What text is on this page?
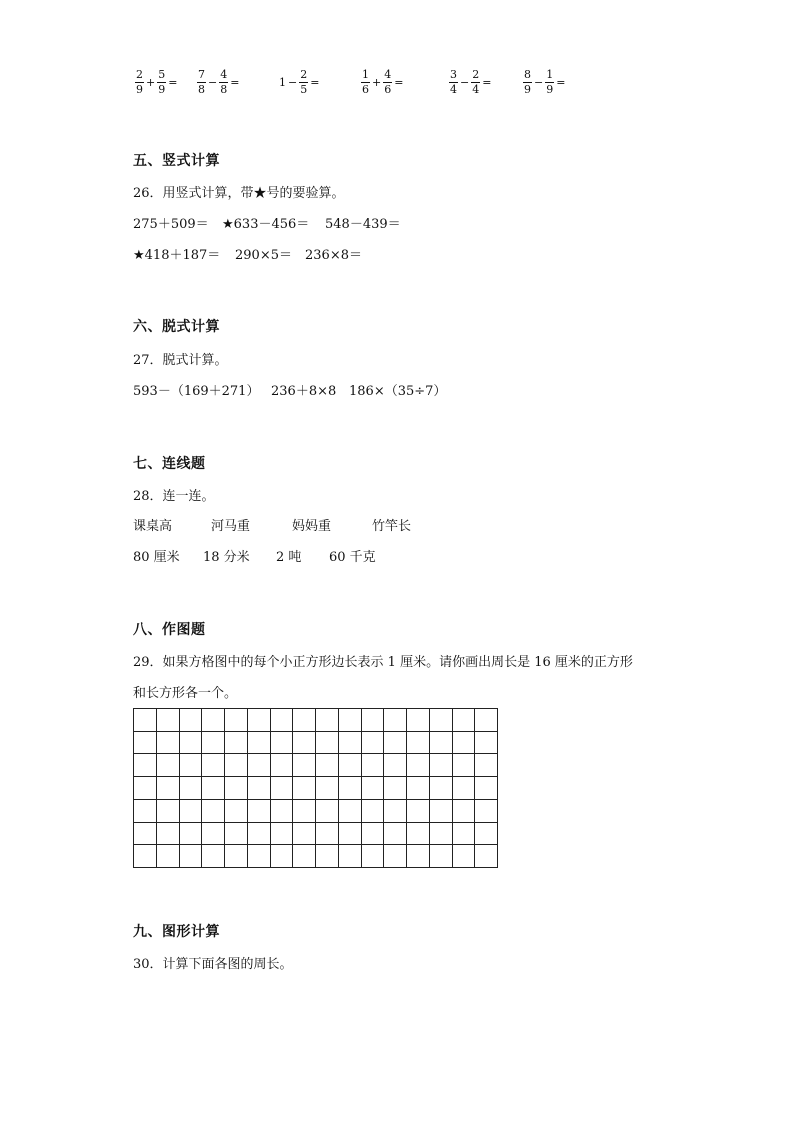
$\frac{2}{9} + \frac{5}{9} = \frac{7}{8} - \frac{4}{8}$ =	$1 - \frac{2}{5}$ =	$\frac{1}{6} + \frac{4}{6}$ =	$\frac{3}{4} - \frac{2}{4}$ =	$\frac{8}{9} - \frac{1}{9}$ =
五、竖式计算
26．用竖式计算，带★号的要验算。
275＋509＝ ★633－456＝ 548－439＝
★418＋187＝ 290×5＝ 236×8＝
六、脱式计算
27．脱式计算。
593－（169＋271） 236＋8×8 186×（35÷7）
七、连线题
28．连一连。
课桌高	河马重	妈妈重	竹竿长
80 厘米 18 分米 2 吨 60 千克
八、作图题
29．如果方格图中的每个小正方形边长表示 1 厘米。请你画出周长是 16 厘米的正方形
和长方形各一个。

九、图形计算
30．计算下面各图的周长。
